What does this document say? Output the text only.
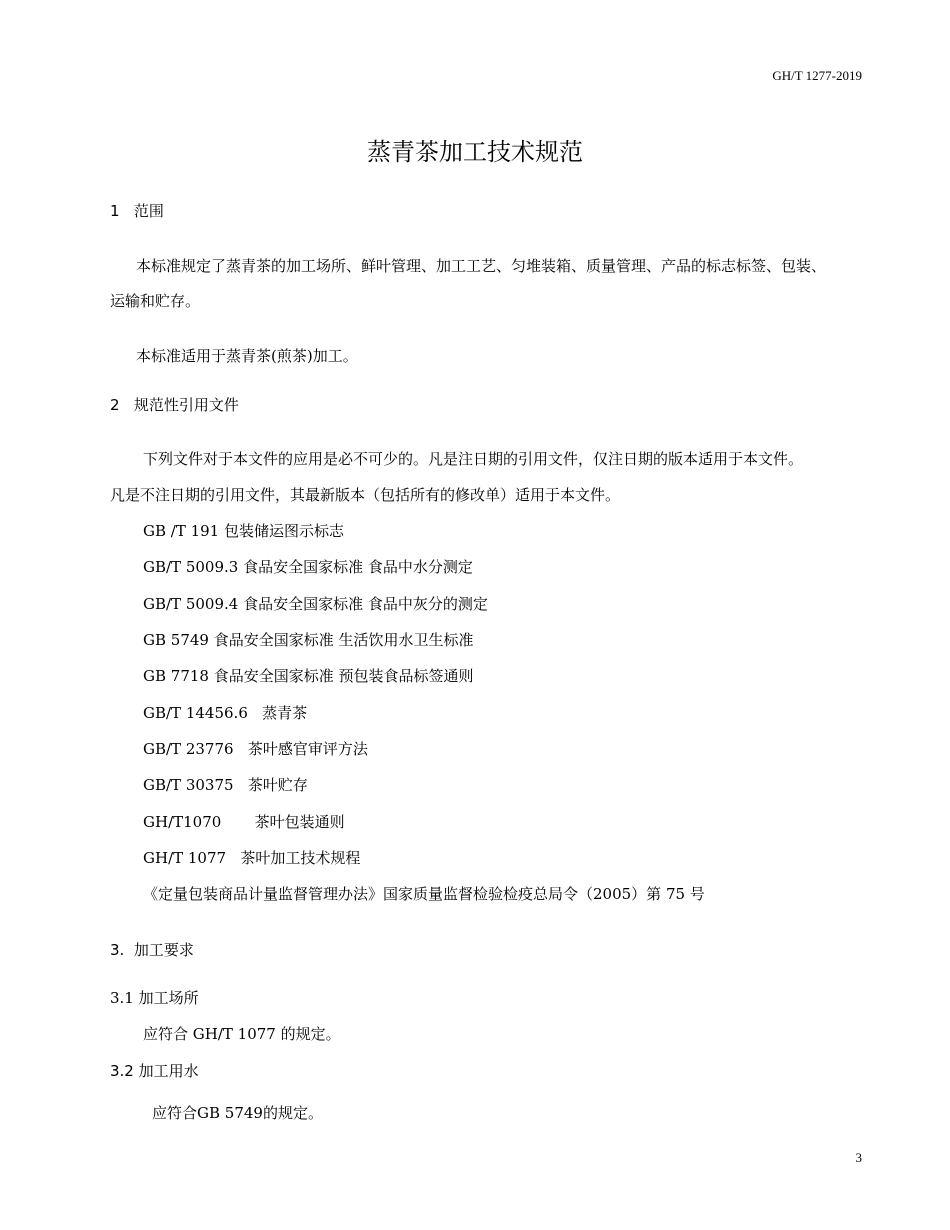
GH/T 1277-2019
蒸青茶加工技术规范
1   范围
本标准规定了蒸青茶的加工场所、鲜叶管理、加工工艺、匀堆装箱、质量管理、产品的标志标签、包装、
运输和贮存。
本标准适用于蒸青茶(煎茶)加工。
2   规范性引用文件
下列文件对于本文件的应用是必不可少的。凡是注日期的引用文件，仅注日期的版本适用于本文件。
凡是不注日期的引用文件，其最新版本（包括所有的修改单）适用于本文件。
GB /T 191 包装储运图示标志
GB/T 5009.3 食品安全国家标准 食品中水分测定
GB/T 5009.4 食品安全国家标准 食品中灰分的测定
GB 5749 食品安全国家标准 生活饮用水卫生标准
GB 7718 食品安全国家标准 预包装食品标签通则
GB/T 14456.6   蒸青茶
GB/T 23776   茶叶感官审评方法
GB/T 30375   茶叶贮存
GH/T1070       茶叶包装通则
GH/T 1077   茶叶加工技术规程
《定量包装商品计量监督管理办法》国家质量监督检验检疫总局令（2005）第 75 号
3.  加工要求
3.1 加工场所
应符合 GH/T 1077 的规定。
3.2 加工用水
应符合GB 5749的规定。
3
